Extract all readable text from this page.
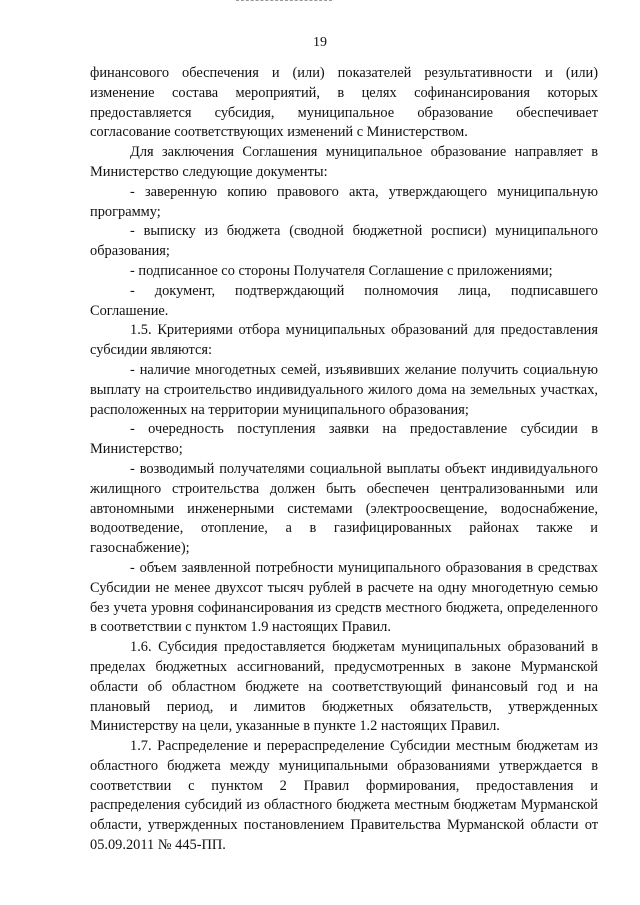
19

финансового обеспечения и (или) показателей результативности и (или) изменение состава мероприятий, в целях софинансирования которых предоставляется субсидия, муниципальное образование обеспечивает согласование соответствующих изменений с Министерством.

Для заключения Соглашения муниципальное образование направляет в Министерство следующие документы:

- заверенную копию правового акта, утверждающего муниципальную программу;

- выписку из бюджета (сводной бюджетной росписи) муниципального образования;

- подписанное со стороны Получателя Соглашение с приложениями;

- документ, подтверждающий полномочия лица, подписавшего Соглашение.

1.5. Критериями отбора муниципальных образований для предоставления субсидии являются:

- наличие многодетных семей, изъявивших желание получить социальную выплату на строительство индивидуального жилого дома на земельных участках, расположенных на территории муниципального образования;

- очередность поступления заявки на предоставление субсидии в Министерство;

- возводимый получателями социальной выплаты объект индивидуального жилищного строительства должен быть обеспечен централизованными или автономными инженерными системами (электроосвещение, водоснабжение, водоотведение, отопление, а в газифицированных районах также и газоснабжение);

- объем заявленной потребности муниципального образования в средствах Субсидии не менее двухсот тысяч рублей в расчете на одну многодетную семью без учета уровня софинансирования из средств местного бюджета, определенного в соответствии с пунктом 1.9 настоящих Правил.

1.6. Субсидия предоставляется бюджетам муниципальных образований в пределах бюджетных ассигнований, предусмотренных в законе Мурманской области об областном бюджете на соответствующий финансовый год и на плановый период, и лимитов бюджетных обязательств, утвержденных Министерству на цели, указанные в пункте 1.2 настоящих Правил.

1.7. Распределение и перераспределение Субсидии местным бюджетам из областного бюджета между муниципальными образованиями утверждается в соответствии с пунктом 2 Правил формирования, предоставления и распределения субсидий из областного бюджета местным бюджетам Мурманской области, утвержденных постановлением Правительства Мурманской области от 05.09.2011 № 445-ПП.
